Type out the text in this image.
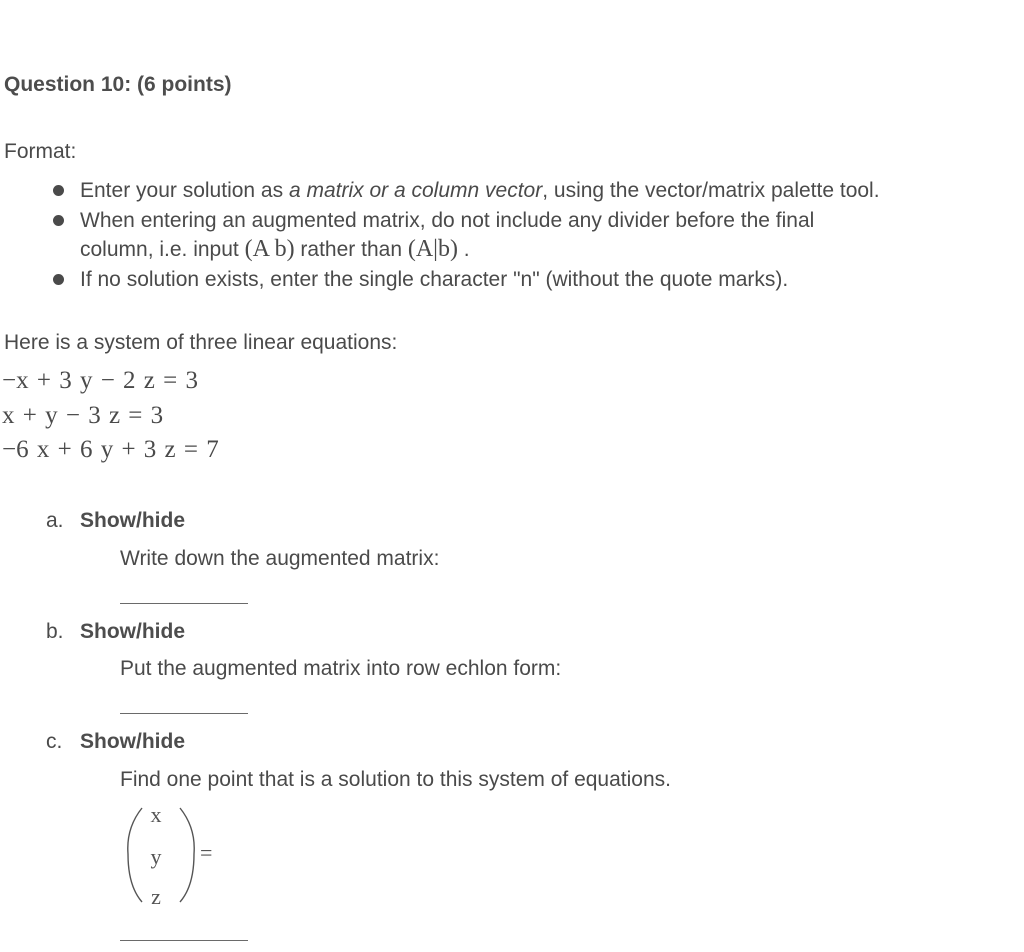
Question 10: (6 points)
Format:
Enter your solution as a matrix or a column vector, using the vector/matrix palette tool.
When entering an augmented matrix, do not include any divider before the final column, i.e. input (A b) rather than (A|b) .
If no solution exists, enter the single character "n" (without the quote marks).
Here is a system of three linear equations:
−x + 3 y − 2 z = 3
x + y − 3 z = 3
−6 x + 6 y + 3 z = 7
a. Show/hide
Write down the augmented matrix:
b. Show/hide
Put the augmented matrix into row echlon form:
c. Show/hide
Find one point that is a solution to this system of equations.
x
y
z
=
